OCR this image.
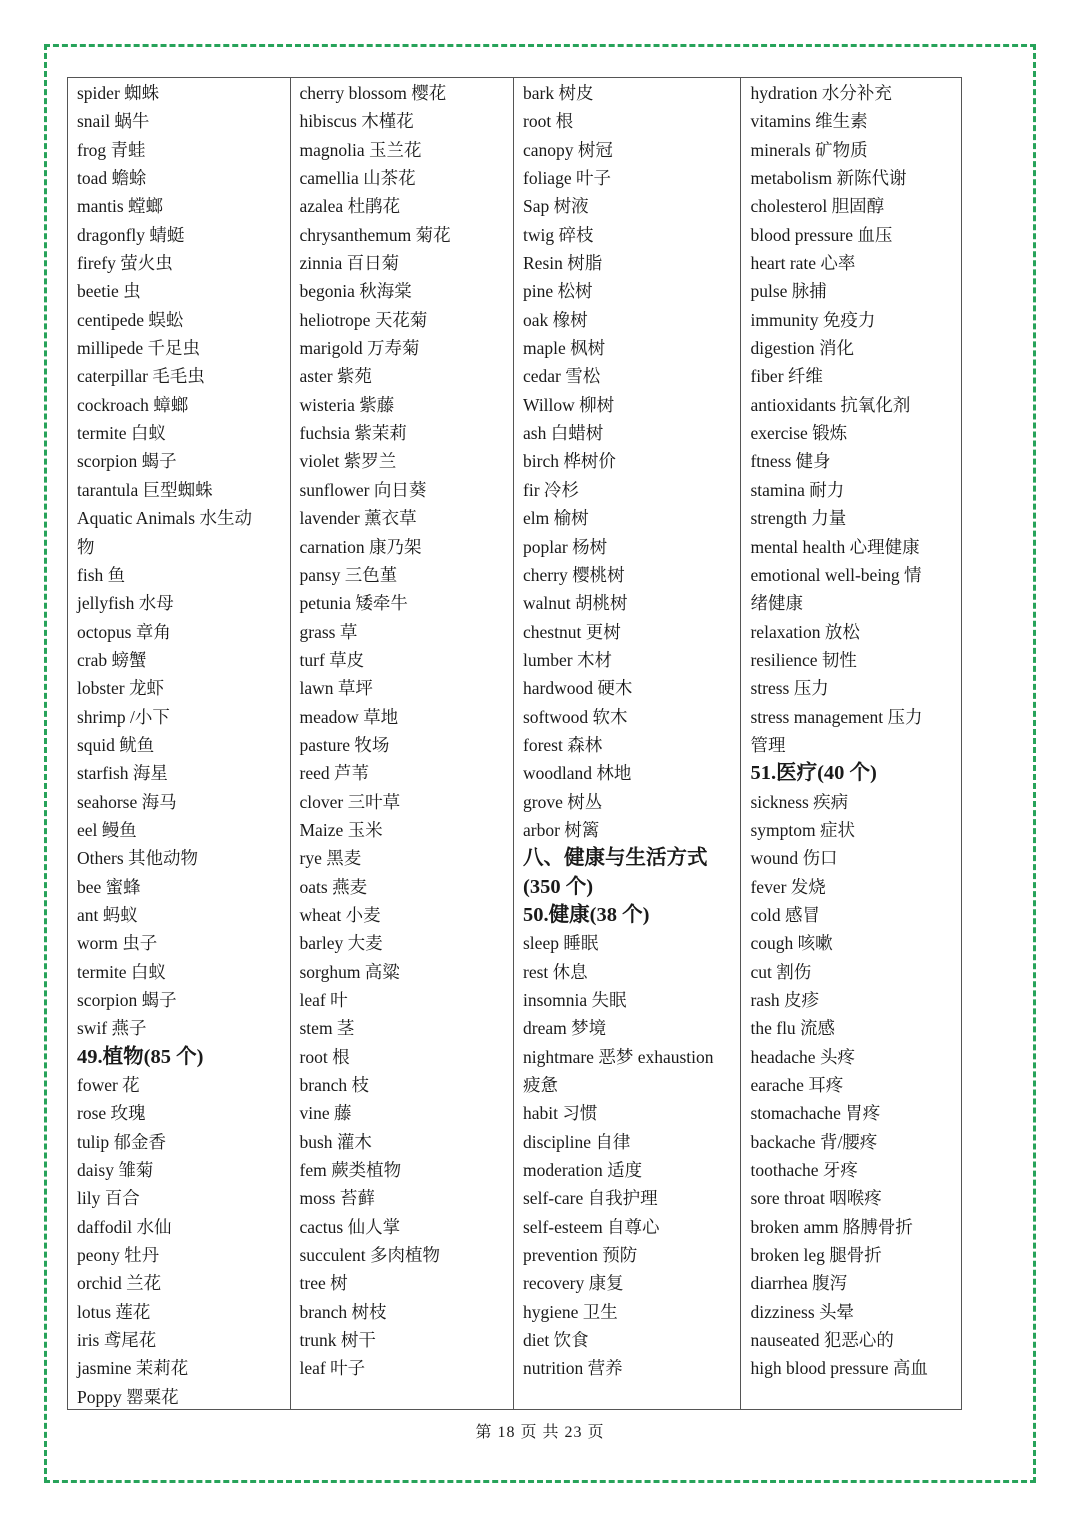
spider 蜘蛛
snail 蜗牛
frog 青蛙
toad 蟾蜍
mantis 螳螂
dragonfly 蜻蜓
firefy 萤火虫
beetie 虫
centipede 蜈蚣
millipede 千足虫
caterpillar 毛毛虫
cockroach 蟑螂
termite 白蚁
scorpion 蝎子
tarantula 巨型蜘蛛
Aquatic Animals 水生动
物
fish 鱼
jellyfish 水母
octopus 章角
crab 螃蟹
lobster 龙虾
shrimp /小下
squid 鱿鱼
starfish 海星
seahorse 海马
eel 鳗鱼
Others 其他动物
bee 蜜蜂
ant 蚂蚁
worm 虫子
termite 白蚁
scorpion 蝎子
swif 燕子
49.植物(85 个)
fower 花
rose 玫瑰
tulip 郁金香
daisy 雏菊
lily 百合
daffodil 水仙
peony 牡丹
orchid 兰花
lotus 莲花
iris 鸢尾花
jasmine 茉莉花
Poppy 罂粟花
cherry blossom 樱花
hibiscus 木槿花
magnolia 玉兰花
camellia 山茶花
azalea 杜鹃花
chrysanthemum 菊花
zinnia 百日菊
begonia 秋海棠
heliotrope 天花菊
marigold 万寿菊
aster 紫苑
wisteria 紫藤
fuchsia 紫茉莉
violet 紫罗兰
sunflower 向日葵
lavender 薰衣草
carnation 康乃架
pansy 三色堇
petunia 矮牵牛
grass 草
turf 草皮
lawn 草坪
meadow 草地
pasture 牧场
reed 芦苇
clover 三叶草
Maize 玉米
rye 黑麦
oats 燕麦
wheat 小麦
barley 大麦
sorghum 高粱
leaf 叶
stem 茎
root 根
branch 枝
vine 藤
bush 灌木
fem 蕨类植物
moss 苔藓
cactus 仙人掌
succulent 多肉植物
tree 树
branch 树枝
trunk 树干
leaf 叶子
bark 树皮
root 根
canopy 树冠
foliage 叶子
Sap 树液
twig 碎枝
Resin 树脂
pine 松树
oak 橡树
maple 枫树
cedar 雪松
Willow 柳树
ash 白蜡树
birch 桦树价
fir 冷杉
elm 榆树
poplar 杨树
cherry 樱桃树
walnut 胡桃树
chestnut 更树
lumber 木材
hardwood 硬木
softwood 软木
forest 森林
woodland 林地
grove 树丛
arbor 树篱
八、健康与生活方式
(350 个)
50.健康(38 个)
sleep 睡眠
rest 休息
insomnia 失眠
dream 梦境
nightmare 恶梦 exhaustion
疲惫
habit 习惯
discipline 自律
moderation 适度
self-care 自我护理
self-esteem 自尊心
prevention 预防
recovery 康复
hygiene 卫生
diet 饮食
nutrition 营养
hydration 水分补充
vitamins 维生素
minerals 矿物质
metabolism 新陈代谢
cholesterol 胆固醇
blood pressure 血压
heart rate 心率
pulse 脉捕
immunity 免疫力
digestion 消化
fiber 纤维
antioxidants 抗氧化剂
exercise 锻炼
ftness 健身
stamina 耐力
strength 力量
mental health 心理健康
emotional well-being 情
绪健康
relaxation 放松
resilience 韧性
stress 压力
stress management 压力
管理
51.医疗(40 个)
sickness 疾病
symptom 症状
wound 伤口
fever 发烧
cold 感冒
cough 咳嗽
cut 割伤
rash 皮疹
the flu 流感
headache 头疼
earache 耳疼
stomachache 胃疼
backache 背/腰疼
toothache 牙疼
sore throat 咽喉疼
broken amm 胳膊骨折
broken leg 腿骨折
diarrhea 腹泻
dizziness 头晕
nauseated 犯恶心的
high blood pressure 高血
第 18 页 共 23 页
